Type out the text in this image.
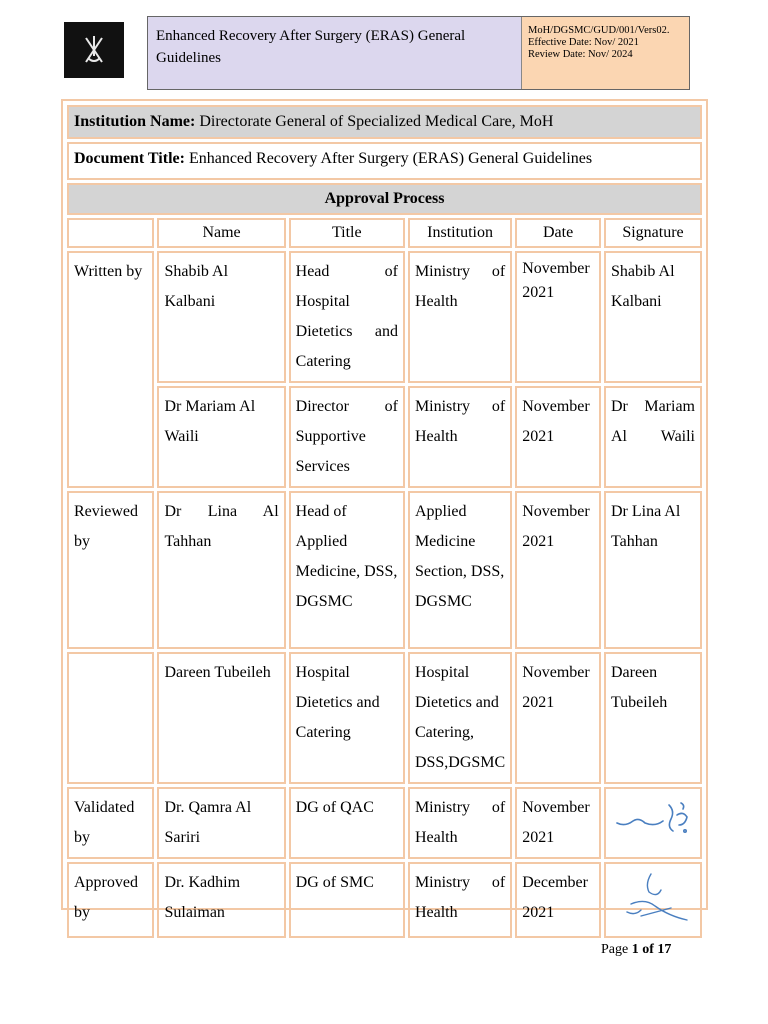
Enhanced Recovery After Surgery (ERAS) General Guidelines
MoH/DGSMC/GUD/001/Vers02.
Effective Date: Nov/ 2021
Review Date: Nov/ 2024
Institution Name: Directorate General of Specialized Medical Care, MoH					
Document Title: Enhanced Recovery After Surgery (ERAS) General Guidelines					
Approval Process					
	Name	Title	Institution	Date	Signature
Written by	Shabib Al Kalbani	Head of Hospital Dietetics and Catering	Ministry of Health	November 2021	Shabib Al Kalbani
	Dr Mariam Al Waili	Director of Supportive Services	Ministry of Health	November 2021	Dr Mariam Al Waili
Reviewed by	Dr Lina Al Tahhan	Head of Applied Medicine, DSS, DGSMC	Applied Medicine Section, DSS, DGSMC	November 2021	Dr Lina Al Tahhan
	Dareen Tubeileh	Hospital Dietetics and Catering	Hospital Dietetics and Catering, DSS,DGSMC	November 2021	Dareen Tubeileh
Validated by	Dr. Qamra Al Sariri	DG of QAC	Ministry of Health	November 2021	

Approved by	Dr. Kadhim Sulaiman	DG of SMC	Ministry of Health	December 2021	
Page 1 of 17
